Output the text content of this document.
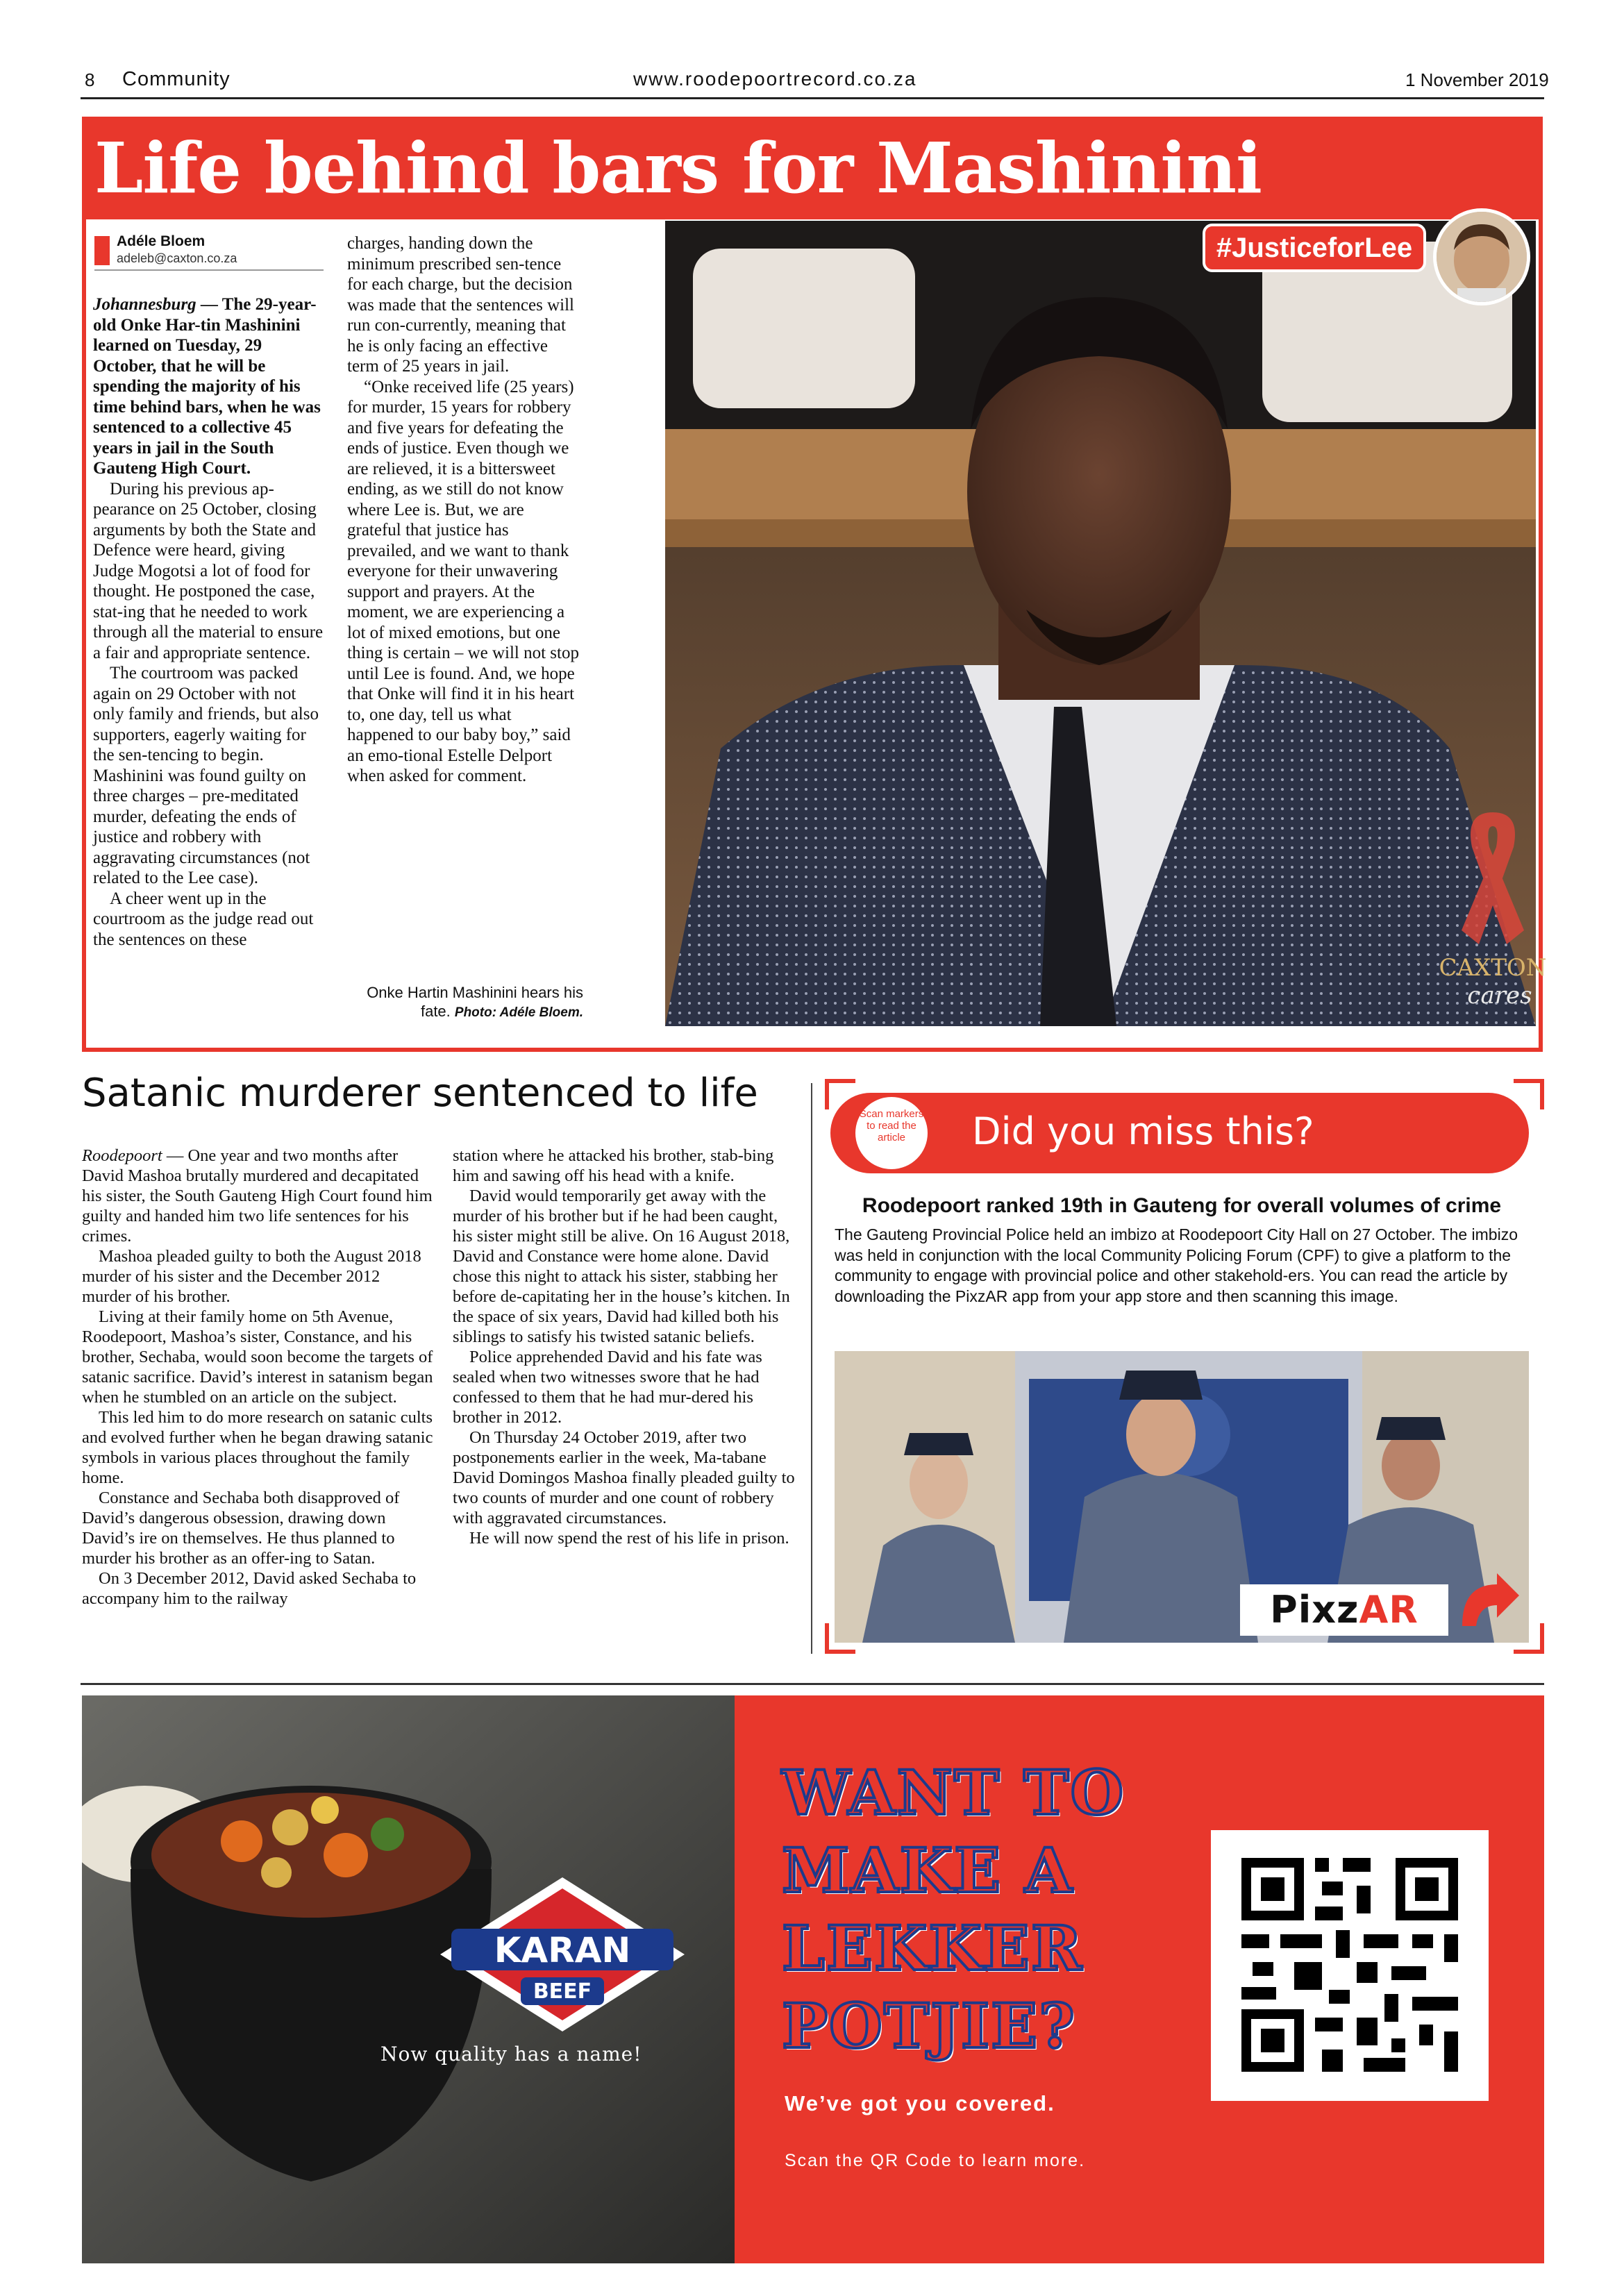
8 Community	www.roodepoortrecord.co.za	1 November 2019
Life behind bars for Mashinini
Adéle Bloem
adeleb@caxton.co.za

Johannesburg — The 29-year-old Onke Har-tin Mashinini learned on Tuesday, 29 October, that he will be spending the majority of his time behind bars, when he was sentenced to a collective 45 years in jail in the South Gauteng High Court.

During his previous ap-pearance on 25 October, closing arguments by both the State and Defence were heard, giving Judge Mogotsi a lot of food for thought. He postponed the case, stat-ing that he needed to work through all the material to ensure a fair and appropriate sentence.

The courtroom was packed again on 29 October with not only family and friends, but also supporters, eagerly waiting for the sen-tencing to begin. Mashinini was found guilty on three charges – pre-meditated murder, defeating the ends of justice and robbery with aggravating circumstances (not related to the Lee case).

A cheer went up in the courtroom as the judge read out the sentences on these

charges, handing down the minimum prescribed sen-tence for each charge, but the decision was made that the sentences will run con-currently, meaning that he is only facing an effective term of 25 years in jail.

“Onke received life (25 years) for murder, 15 years for robbery and five years for defeating the ends of justice. Even though we are relieved, it is a bittersweet ending, as we still do not know where Lee is. But, we are grateful that justice has prevailed, and we want to thank everyone for their unwavering support and prayers. At the moment, we are experiencing a lot of mixed emotions, but one thing is certain – we will not stop until Lee is found. And, we hope that Onke will find it in his heart to, one day, tell us what happened to our baby boy,” said an emo-tional Estelle Delport when asked for comment.

#JusticeforLee
CAXTON
cares
Onke Hartin Mashinini hears his fate. Photo: Adéle Bloem.
Satanic murderer sentenced to life

Roodepoort — One year and two months after David Mashoa brutally murdered and decapitated his sister, the South Gauteng High Court found him guilty and handed him two life sentences for his crimes.

Mashoa pleaded guilty to both the August 2018 murder of his sister and the December 2012 murder of his brother.

Living at their family home on 5th Avenue, Roodepoort, Mashoa’s sister, Constance, and his brother, Sechaba, would soon become the targets of satanic sacrifice. David’s interest in satanism began when he stumbled on an article on the subject.

This led him to do more research on satanic cults and evolved further when he began drawing satanic symbols in various places throughout the family home.

Constance and Sechaba both disapproved of David’s dangerous obsession, drawing down David’s ire on themselves. He thus planned to murder his brother as an offer-ing to Satan.

On 3 December 2012, David asked Sechaba to accompany him to the railway

station where he attacked his brother, stab-bing him and sawing off his head with a knife.

David would temporarily get away with the murder of his brother but if he had been caught, his sister might still be alive. On 16 August 2018, David and Constance were home alone. David chose this night to attack his sister, stabbing her before de-capitating her in the house’s kitchen. In the space of six years, David had killed both his siblings to satisfy his twisted satanic beliefs.

Police apprehended David and his fate was sealed when two witnesses swore that he had confessed to them that he had mur-dered his brother in 2012.

On Thursday 24 October 2019, after two postponements earlier in the week, Ma-tabane David Domingos Mashoa finally pleaded guilty to two counts of murder and one count of robbery with aggravated circumstances.

He will now spend the rest of his life in prison.

Scan markers to read the article	Did you miss this?
Roodepoort ranked 19th in Gauteng for overall volumes of crime
The Gauteng Provincial Police held an imbizo at Roodepoort City Hall on 27 October. The imbizo was held in conjunction with the local Community Policing Forum (CPF) to give a platform to the community to engage with provincial police and other stakehold-ers. You can read the article by downloading the PixzAR app from your app store and then scanning this image.
PixzAR
KARAN
BEEF
Now quality has a name!
WANT TO
MAKE A
LEKKER
POTJIE?
We’ve got you covered.
Scan the QR Code to learn more.
